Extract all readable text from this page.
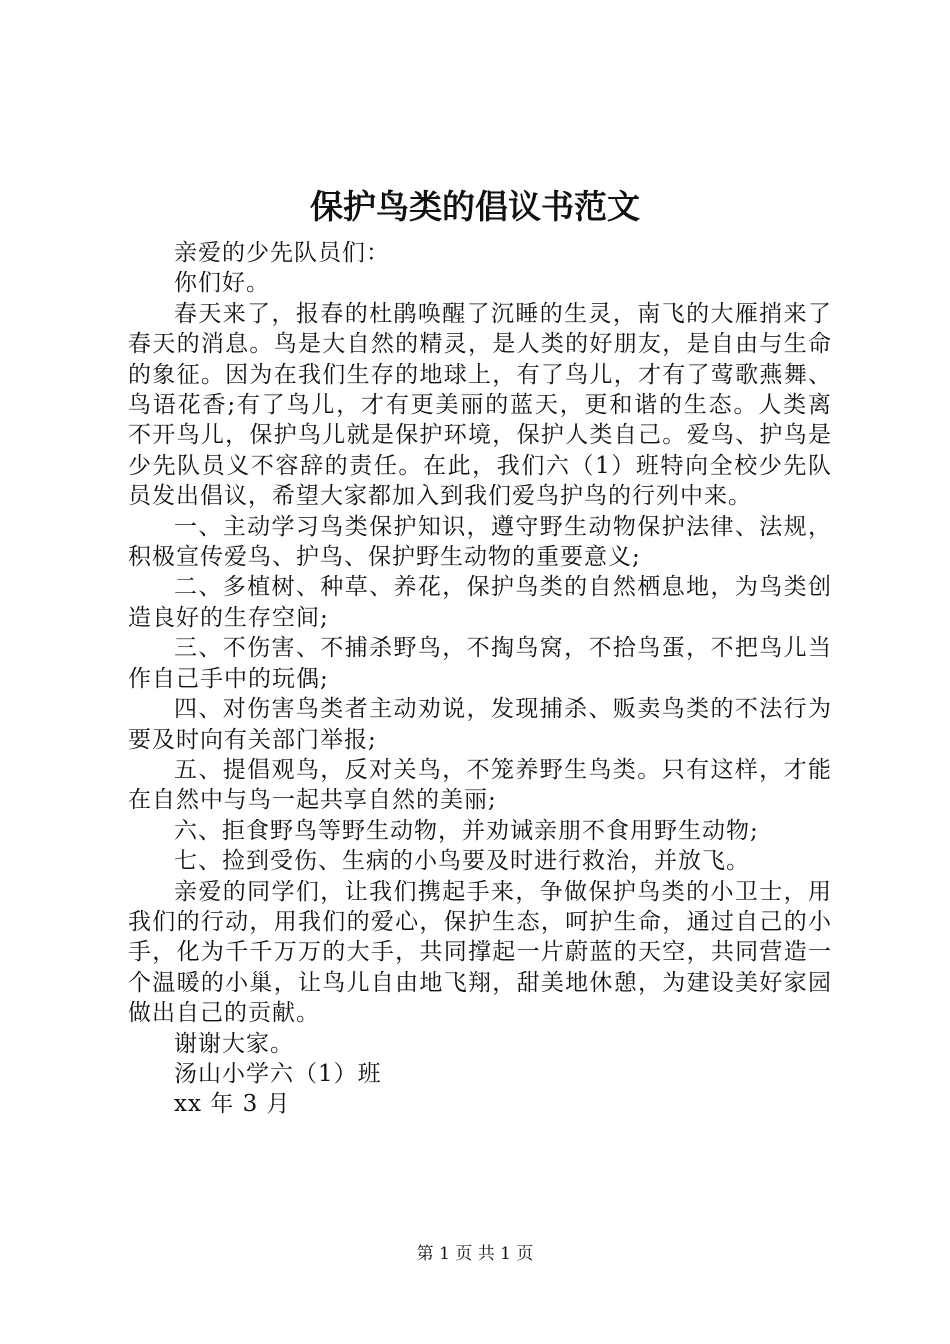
保护鸟类的倡议书范文

亲爱的少先队员们：

你们好。

春天来了，报春的杜鹃唤醒了沉睡的生灵，南飞的大雁捎来了春天的消息。鸟是大自然的精灵，是人类的好朋友，是自由与生命的象征。因为在我们生存的地球上，有了鸟儿，才有了莺歌燕舞、鸟语花香;有了鸟儿，才有更美丽的蓝天，更和谐的生态。人类离不开鸟儿，保护鸟儿就是保护环境，保护人类自己。爱鸟、护鸟是少先队员义不容辞的责任。在此，我们六（1）班特向全校少先队员发出倡议，希望大家都加入到我们爱鸟护鸟的行列中来。

一、主动学习鸟类保护知识，遵守野生动物保护法律、法规，积极宣传爱鸟、护鸟、保护野生动物的重要意义;

二、多植树、种草、养花，保护鸟类的自然栖息地，为鸟类创造良好的生存空间;

三、不伤害、不捕杀野鸟，不掏鸟窝，不拾鸟蛋，不把鸟儿当作自己手中的玩偶;

四、对伤害鸟类者主动劝说，发现捕杀、贩卖鸟类的不法行为要及时向有关部门举报;

五、提倡观鸟，反对关鸟，不笼养野生鸟类。只有这样，才能在自然中与鸟一起共享自然的美丽;

六、拒食野鸟等野生动物，并劝诫亲朋不食用野生动物;

七、捡到受伤、生病的小鸟要及时进行救治，并放飞。

亲爱的同学们，让我们携起手来，争做保护鸟类的小卫士，用我们的行动，用我们的爱心，保护生态，呵护生命，通过自己的小手，化为千千万万的大手，共同撑起一片蔚蓝的天空，共同营造一个温暖的小巢，让鸟儿自由地飞翔，甜美地休憩，为建设美好家园做出自己的贡献。

谢谢大家。

汤山小学六（1）班

xx 年 3 月

第 1 页 共 1 页
